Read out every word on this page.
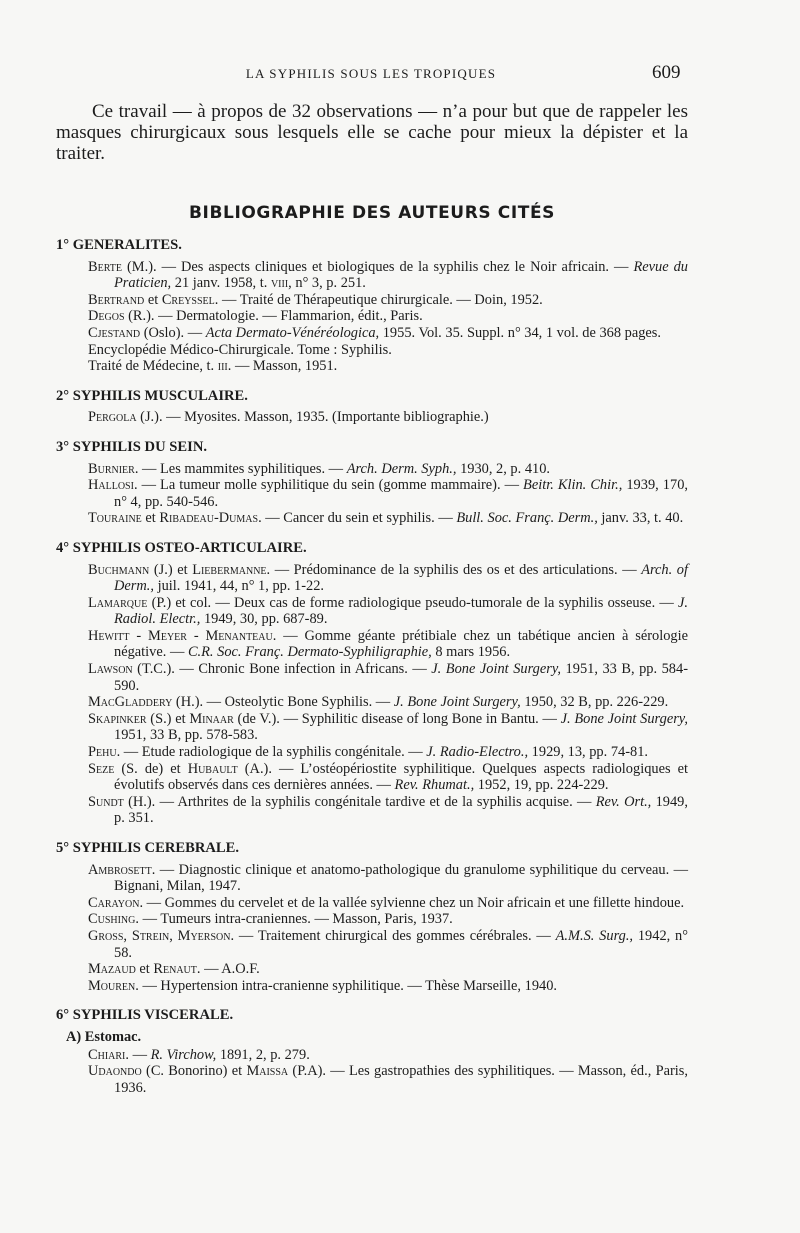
LA SYPHILIS SOUS LES TROPIQUES	609

Ce travail — à propos de 32 observations — n’a pour but que de rappeler les masques chirurgicaux sous lesquels elle se cache pour mieux la dépister et la traiter.

BIBLIOGRAPHIE DES AUTEURS CITÉS
1° GENERALITES.
Berte (M.). — Des aspects cliniques et biologiques de la syphilis chez le Noir africain. — Revue du Praticien, 21 janv. 1958, t. viii, n° 3, p. 251.
Bertrand et Creyssel. — Traité de Thérapeutique chirurgicale. — Doin, 1952.
Degos (R.). — Dermatologie. — Flammarion, édit., Paris.
Cjestand (Oslo). — Acta Dermato-Vénéréologica, 1955. Vol. 35. Suppl. n° 34, 1 vol. de 368 pages.
Encyclopédie Médico-Chirurgicale. Tome : Syphilis.
Traité de Médecine, t. iii. — Masson, 1951.
2° SYPHILIS MUSCULAIRE.
Pergola (J.). — Myosites. Masson, 1935. (Importante bibliographie.)
3° SYPHILIS DU SEIN.
Burnier. — Les mammites syphilitiques. — Arch. Derm. Syph., 1930, 2, p. 410.
Hallosi. — La tumeur molle syphilitique du sein (gomme mammaire). — Beitr. Klin. Chir., 1939, 170, n° 4, pp. 540-546.
Touraine et Ribadeau-Dumas. — Cancer du sein et syphilis. — Bull. Soc. Franç. Derm., janv. 33, t. 40.
4° SYPHILIS OSTEO-ARTICULAIRE.
Buchmann (J.) et Liebermanne. — Prédominance de la syphilis des os et des articulations. — Arch. of Derm., juil. 1941, 44, n° 1, pp. 1-22.
Lamarque (P.) et col. — Deux cas de forme radiologique pseudo-tumorale de la syphilis osseuse. — J. Radiol. Electr., 1949, 30, pp. 687-89.
Hewitt - Meyer - Menanteau. — Gomme géante prétibiale chez un tabétique ancien à sérologie négative. — C.R. Soc. Franç. Dermato-Syphiligraphie, 8 mars 1956.
Lawson (T.C.). — Chronic Bone infection in Africans. — J. Bone Joint Surgery, 1951, 33 B, pp. 584-590.
MacGladdery (H.). — Osteolytic Bone Syphilis. — J. Bone Joint Surgery, 1950, 32 B, pp. 226-229.
Skapinker (S.) et Minaar (de V.). — Syphilitic disease of long Bone in Bantu. — J. Bone Joint Surgery, 1951, 33 B, pp. 578-583.
Pehu. — Etude radiologique de la syphilis congénitale. — J. Radio-Electro., 1929, 13, pp. 74-81.
Seze (S. de) et Hubault (A.). — L’ostéopériostite syphilitique. Quelques aspects radiologiques et évolutifs observés dans ces dernières années. — Rev. Rhumat., 1952, 19, pp. 224-229.
Sundt (H.). — Arthrites de la syphilis congénitale tardive et de la syphilis acquise. — Rev. Ort., 1949, p. 351.
5° SYPHILIS CEREBRALE.
Ambrosett. — Diagnostic clinique et anatomo-pathologique du granulome syphilitique du cerveau. — Bignani, Milan, 1947.
Carayon. — Gommes du cervelet et de la vallée sylvienne chez un Noir africain et une fillette hindoue.
Cushing. — Tumeurs intra-craniennes. — Masson, Paris, 1937.
Gross, Strein, Myerson. — Traitement chirurgical des gommes cérébrales. — A.M.S. Surg., 1942, n° 58.
Mazaud et Renaut. — A.O.F.
Mouren. — Hypertension intra-cranienne syphilitique. — Thèse Marseille, 1940.
6° SYPHILIS VISCERALE.
A) Estomac.
Chiari. — R. Virchow, 1891, 2, p. 279.
Udaondo (C. Bonorino) et Maissa (P.A). — Les gastropathies des syphilitiques. — Masson, éd., Paris, 1936.
